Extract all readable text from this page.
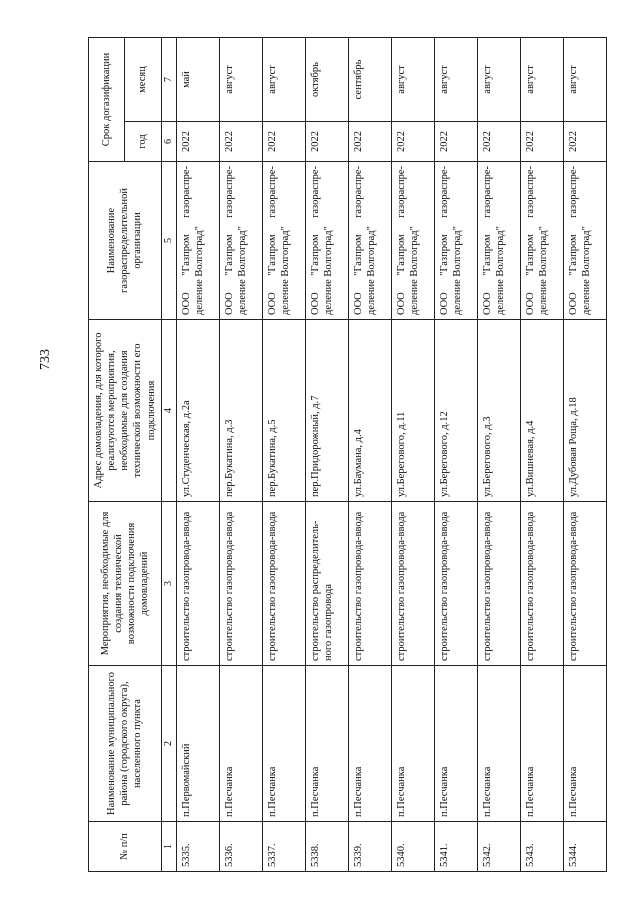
733
№ п/п	Наименование муниципального района (городского округа), населенного пункта	Мероприятия, необходимые для создания технической возможности подключения домовладений	Адрес домовладения, для которого реализуются мероприятия, необходимые для создания технической возможности его подключения	Наименование газораспределительной организации	Срок догазификации	
					год	месяц
1	2	3	4	5	6	7
5335.	п.Первомайский	строительство газопровода-ввода	ул.Студенческая, д.2а	ООО "Газпром газораспре-деление Волгоград"	2022	май
5336.	п.Песчанка	строительство газопровода-ввода	пер.Букатина, д.3	ООО "Газпром газораспре-деление Волгоград"	2022	август
5337.	п.Песчанка	строительство газопровода-ввода	пер.Букатина, д.5	ООО "Газпром газораспре-деление Волгоград"	2022	август
5338.	п.Песчанка	строительство распределитель-ного газопровода	пер.Придорожный, д.7	ООО "Газпром газораспре-деление Волгоград"	2022	октябрь
5339.	п.Песчанка	строительство газопровода-ввода	ул.Баумана, д.4	ООО "Газпром газораспре-деление Волгоград"	2022	сентябрь
5340.	п.Песчанка	строительство газопровода-ввода	ул.Берегового, д.11	ООО "Газпром газораспре-деление Волгоград"	2022	август
5341.	п.Песчанка	строительство газопровода-ввода	ул.Берегового, д.12	ООО "Газпром газораспре-деление Волгоград"	2022	август
5342.	п.Песчанка	строительство газопровода-ввода	ул.Берегового, д.3	ООО "Газпром газораспре-деление Волгоград"	2022	август
5343.	п.Песчанка	строительство газопровода-ввода	ул.Вишневая, д.4	ООО "Газпром газораспре-деление Волгоград"	2022	август
5344.	п.Песчанка	строительство газопровода-ввода	ул.Дубовая Роща, д.18	ООО "Газпром газораспре-деление Волгоград"	2022	август
